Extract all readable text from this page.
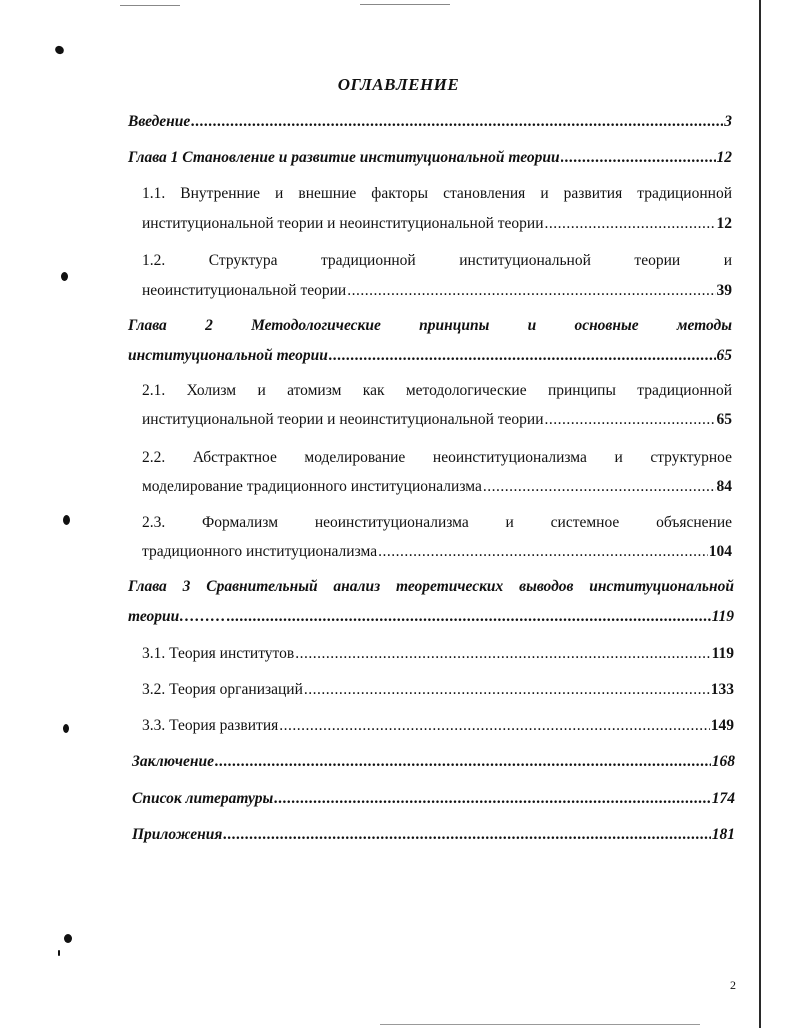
ОГЛАВЛЕНИЕ
Введение .....	3
Глава 1 Становление и развитие институциональной теории .....	12
1.1. Внутренние и внешние факторы становления и развития традиционной
институциональной теории и неоинституциональной теории .....	12
1.2. Структура традиционной институциональной теории и
неоинституциональной теории .....	39
Глава 2 Методологические принципы и основные методы
институциональной теории .....	65
2.1. Холизм и атомизм как методологические принципы традиционной
институциональной теории и неоинституциональной теории .....	65
2.2. Абстрактное моделирование неоинституционализма и структурное
моделирование традиционного институционализма .....	84
2.3. Формализм неоинституционализма и системное объяснение
традиционного институционализма .....	104
Глава 3 Сравнительный анализ теоретических выводов институциональной
теории……… .....	119
3.1. Теория институтов .....	119
3.2. Теория организаций .....	133
3.3. Теория развития .....	149
Заключение .....	168
Список литературы .....	174
Приложения .....	181
2
